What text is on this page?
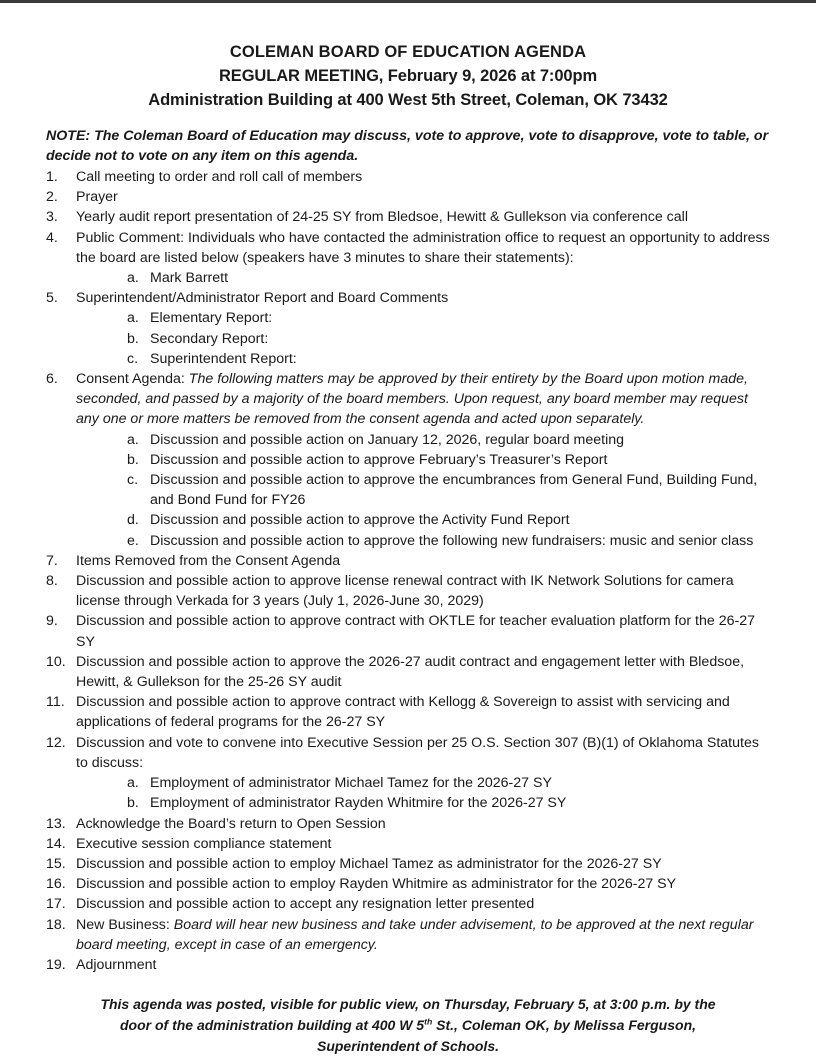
COLEMAN BOARD OF EDUCATION AGENDA
REGULAR MEETING, February 9, 2026 at 7:00pm
Administration Building at 400 West 5th Street, Coleman, OK 73432

NOTE: The Coleman Board of Education may discuss, vote to approve, vote to disapprove, vote to table, or decide not to vote on any item on this agenda.

1.	Call meeting to order and roll call of members
2.	Prayer
3.	Yearly audit report presentation of 24-25 SY from Bledsoe, Hewitt & Gullekson via conference call
4.	Public Comment: Individuals who have contacted the administration office to request an opportunity to address the board are listed below (speakers have 3 minutes to share their statements):
a. Mark Barrett
5.	Superintendent/Administrator Report and Board Comments
a. Elementary Report:
b. Secondary Report:
c. Superintendent Report:
6.	Consent Agenda: The following matters may be approved by their entirety by the Board upon motion made, seconded, and passed by a majority of the board members. Upon request, any board member may request any one or more matters be removed from the consent agenda and acted upon separately.
a. Discussion and possible action on January 12, 2026, regular board meeting
b. Discussion and possible action to approve February’s Treasurer’s Report
c. Discussion and possible action to approve the encumbrances from General Fund, Building Fund, and Bond Fund for FY26
d. Discussion and possible action to approve the Activity Fund Report
e. Discussion and possible action to approve the following new fundraisers: music and senior class
7.	Items Removed from the Consent Agenda
8.	Discussion and possible action to approve license renewal contract with IK Network Solutions for camera license through Verkada for 3 years (July 1, 2026-June 30, 2029)
9.	Discussion and possible action to approve contract with OKTLE for teacher evaluation platform for the 26-27 SY
10. Discussion and possible action to approve the 2026-27 audit contract and engagement letter with Bledsoe, Hewitt, & Gullekson for the 25-26 SY audit
11. Discussion and possible action to approve contract with Kellogg & Sovereign to assist with servicing and applications of federal programs for the 26-27 SY
12. Discussion and vote to convene into Executive Session per 25 O.S. Section 307 (B)(1) of Oklahoma Statutes to discuss:
a. Employment of administrator Michael Tamez for the 2026-27 SY
b. Employment of administrator Rayden Whitmire for the 2026-27 SY
13. Acknowledge the Board’s return to Open Session
14. Executive session compliance statement
15. Discussion and possible action to employ Michael Tamez as administrator for the 2026-27 SY
16. Discussion and possible action to employ Rayden Whitmire as administrator for the 2026-27 SY
17. Discussion and possible action to accept any resignation letter presented
18. New Business: Board will hear new business and take under advisement, to be approved at the next regular board meeting, except in case of an emergency.
19. Adjournment
This agenda was posted, visible for public view, on Thursday, February 5, at 3:00 p.m. by the door of the administration building at 400 W 5th St., Coleman OK, by Melissa Ferguson, Superintendent of Schools.
